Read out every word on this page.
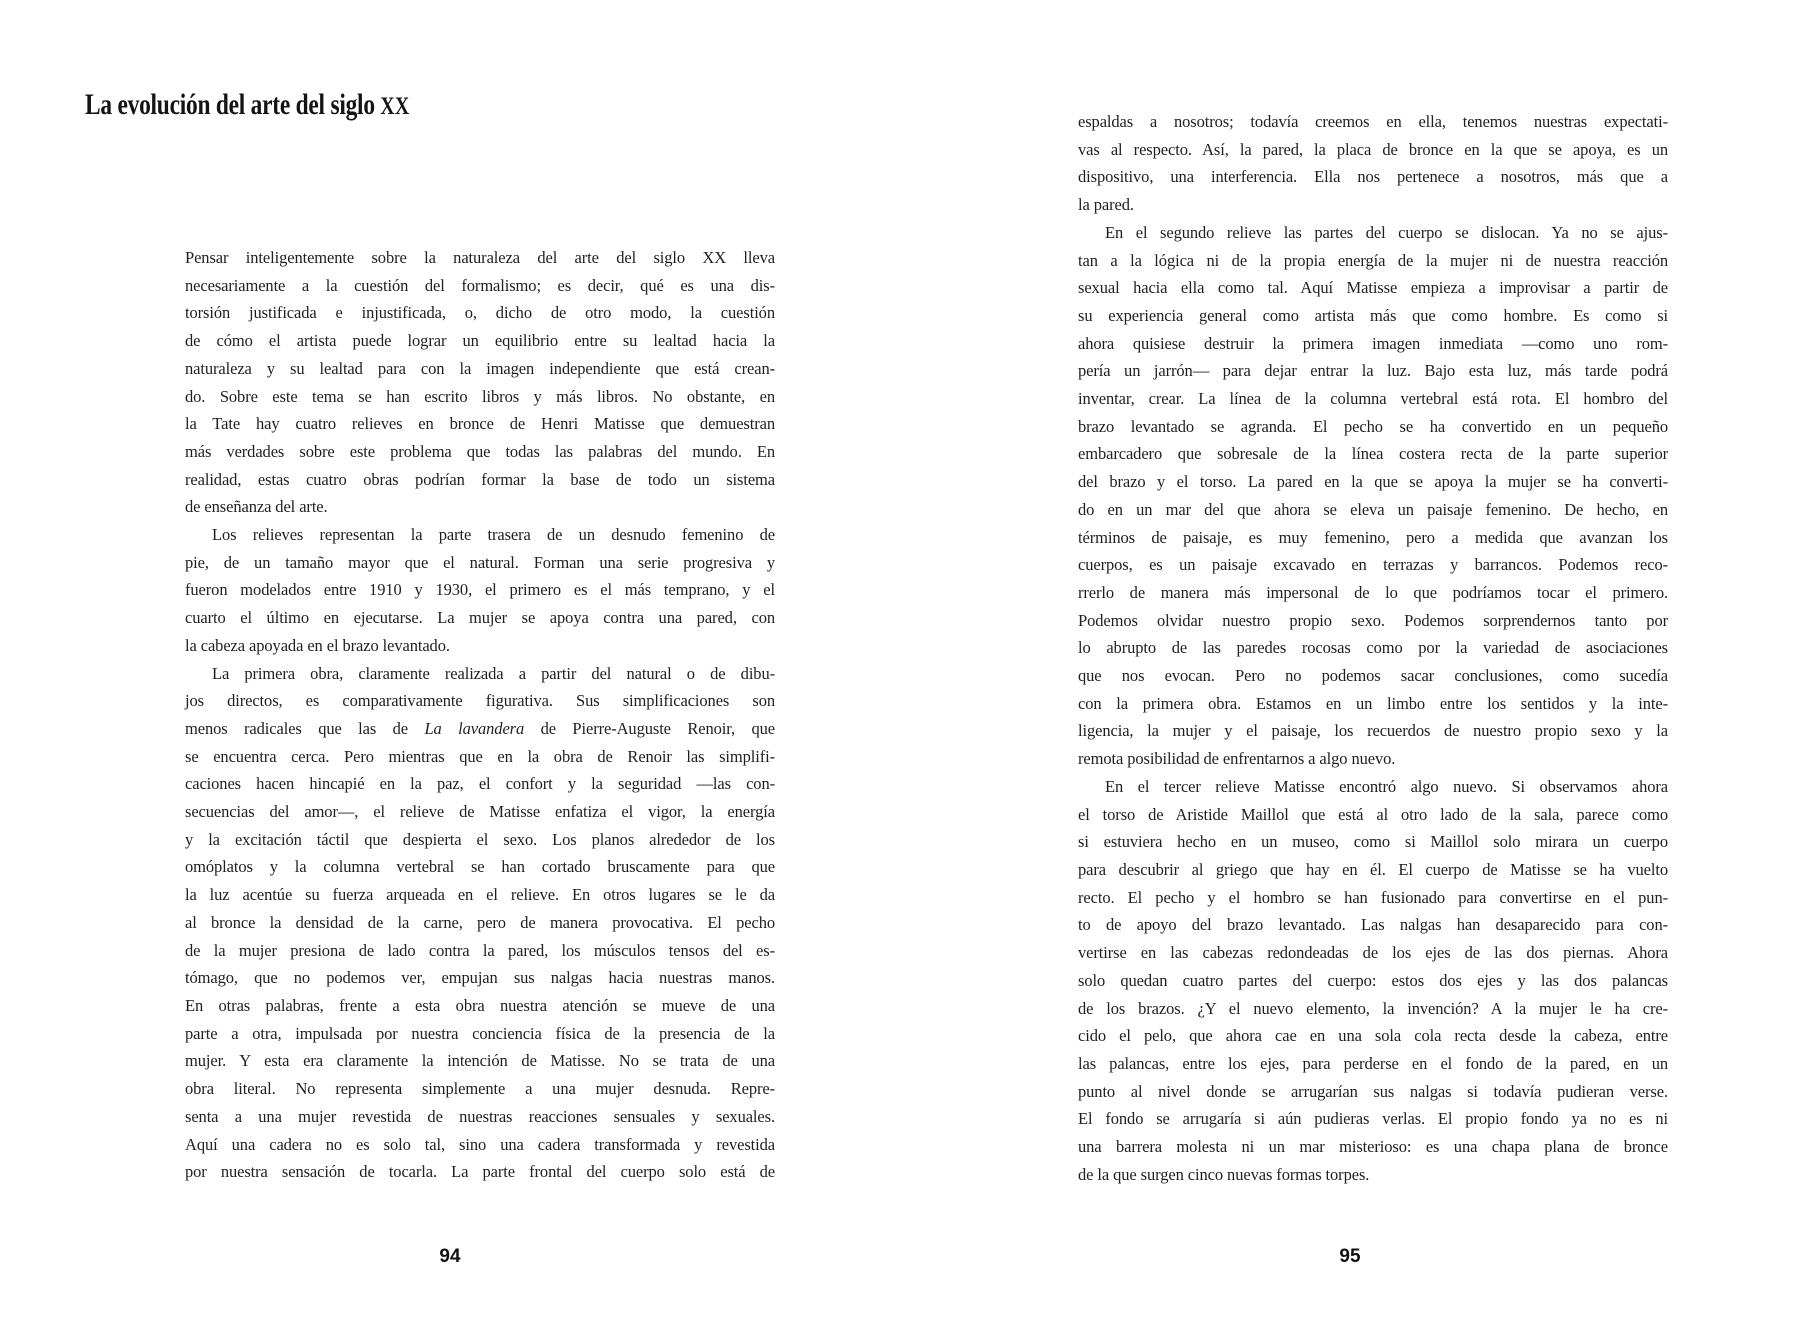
La evolución del arte del siglo XX
Pensar inteligentemente sobre la naturaleza del arte del siglo XX lleva
necesariamente a la cuestión del formalismo; es decir, qué es una dis-
torsión justificada e injustificada, o, dicho de otro modo, la cuestión
de cómo el artista puede lograr un equilibrio entre su lealtad hacia la
naturaleza y su lealtad para con la imagen independiente que está crean-
do. Sobre este tema se han escrito libros y más libros. No obstante, en
la Tate hay cuatro relieves en bronce de Henri Matisse que demuestran
más verdades sobre este problema que todas las palabras del mundo. En
realidad, estas cuatro obras podrían formar la base de todo un sistema
de enseñanza del arte.
Los relieves representan la parte trasera de un desnudo femenino de
pie, de un tamaño mayor que el natural. Forman una serie progresiva y
fueron modelados entre 1910 y 1930, el primero es el más temprano, y el
cuarto el último en ejecutarse. La mujer se apoya contra una pared, con
la cabeza apoyada en el brazo levantado.
La primera obra, claramente realizada a partir del natural o de dibu-
jos directos, es comparativamente figurativa. Sus simplificaciones son
menos radicales que las de La lavandera de Pierre-Auguste Renoir, que
se encuentra cerca. Pero mientras que en la obra de Renoir las simplifi-
caciones hacen hincapié en la paz, el confort y la seguridad —las con-
secuencias del amor—, el relieve de Matisse enfatiza el vigor, la energía
y la excitación táctil que despierta el sexo. Los planos alrededor de los
omóplatos y la columna vertebral se han cortado bruscamente para que
la luz acentúe su fuerza arqueada en el relieve. En otros lugares se le da
al bronce la densidad de la carne, pero de manera provocativa. El pecho
de la mujer presiona de lado contra la pared, los músculos tensos del es-
tómago, que no podemos ver, empujan sus nalgas hacia nuestras manos.
En otras palabras, frente a esta obra nuestra atención se mueve de una
parte a otra, impulsada por nuestra conciencia física de la presencia de la
mujer. Y esta era claramente la intención de Matisse. No se trata de una
obra literal. No representa simplemente a una mujer desnuda. Repre-
senta a una mujer revestida de nuestras reacciones sensuales y sexuales.
Aquí una cadera no es solo tal, sino una cadera transformada y revestida
por nuestra sensación de tocarla. La parte frontal del cuerpo solo está de
94
espaldas a nosotros; todavía creemos en ella, tenemos nuestras expectati-
vas al respecto. Así, la pared, la placa de bronce en la que se apoya, es un
dispositivo, una interferencia. Ella nos pertenece a nosotros, más que a
la pared.
En el segundo relieve las partes del cuerpo se dislocan. Ya no se ajus-
tan a la lógica ni de la propia energía de la mujer ni de nuestra reacción
sexual hacia ella como tal. Aquí Matisse empieza a improvisar a partir de
su experiencia general como artista más que como hombre. Es como si
ahora quisiese destruir la primera imagen inmediata —como uno rom-
pería un jarrón— para dejar entrar la luz. Bajo esta luz, más tarde podrá
inventar, crear. La línea de la columna vertebral está rota. El hombro del
brazo levantado se agranda. El pecho se ha convertido en un pequeño
embarcadero que sobresale de la línea costera recta de la parte superior
del brazo y el torso. La pared en la que se apoya la mujer se ha converti-
do en un mar del que ahora se eleva un paisaje femenino. De hecho, en
términos de paisaje, es muy femenino, pero a medida que avanzan los
cuerpos, es un paisaje excavado en terrazas y barrancos. Podemos reco-
rrerlo de manera más impersonal de lo que podríamos tocar el primero.
Podemos olvidar nuestro propio sexo. Podemos sorprendernos tanto por
lo abrupto de las paredes rocosas como por la variedad de asociaciones
que nos evocan. Pero no podemos sacar conclusiones, como sucedía
con la primera obra. Estamos en un limbo entre los sentidos y la inte-
ligencia, la mujer y el paisaje, los recuerdos de nuestro propio sexo y la
remota posibilidad de enfrentarnos a algo nuevo.
En el tercer relieve Matisse encontró algo nuevo. Si observamos ahora
el torso de Aristide Maillol que está al otro lado de la sala, parece como
si estuviera hecho en un museo, como si Maillol solo mirara un cuerpo
para descubrir al griego que hay en él. El cuerpo de Matisse se ha vuelto
recto. El pecho y el hombro se han fusionado para convertirse en el pun-
to de apoyo del brazo levantado. Las nalgas han desaparecido para con-
vertirse en las cabezas redondeadas de los ejes de las dos piernas. Ahora
solo quedan cuatro partes del cuerpo: estos dos ejes y las dos palancas
de los brazos. ¿Y el nuevo elemento, la invención? A la mujer le ha cre-
cido el pelo, que ahora cae en una sola cola recta desde la cabeza, entre
las palancas, entre los ejes, para perderse en el fondo de la pared, en un
punto al nivel donde se arrugarían sus nalgas si todavía pudieran verse.
El fondo se arrugaría si aún pudieras verlas. El propio fondo ya no es ni
una barrera molesta ni un mar misterioso: es una chapa plana de bronce
de la que surgen cinco nuevas formas torpes.
95
